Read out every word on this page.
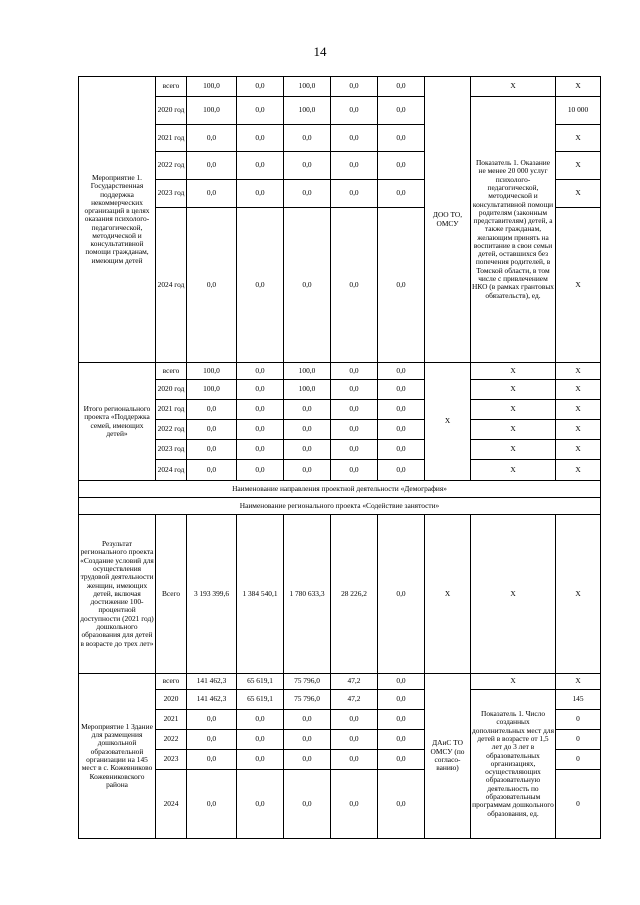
14
Мероприятие 1. Государственная поддержка некоммерческих организаций в целях оказания психолого-педагогической, методической и консультативной помощи гражданам, имеющим детей	всего	100,0	0,0	100,0	0,0	0,0	ДОО ТО, ОМСУ	X	X
	2020 год	100,0	0,0	100,0	0,0	0,0		Показатель 1. Оказание не менее 20 000 услуг психолого-педагогической, методической и консультативной помощи родителям (законным представителям) детей, а также гражданам, желающим принять на воспитание в свои семьи детей, оставшихся без попечения родителей, в Томской области, в том числе с привлечением НКО (в рамках грантовых обязательств), ед.	10 000
	2021 год	0,0	0,0	0,0	0,0	0,0			X
	2022 год	0,0	0,0	0,0	0,0	0,0			X
	2023 год	0,0	0,0	0,0	0,0	0,0			X
	2024 год	0,0	0,0	0,0	0,0	0,0			X
Итого регионального проекта «Поддержка семей, имеющих детей»	всего	100,0	0,0	100,0	0,0	0,0	X	X	X
	2020 год	100,0	0,0	100,0	0,0	0,0		X	X
	2021 год	0,0	0,0	0,0	0,0	0,0		X	X
	2022 год	0,0	0,0	0,0	0,0	0,0		X	X
	2023 год	0,0	0,0	0,0	0,0	0,0		X	X
	2024 год	0,0	0,0	0,0	0,0	0,0		X	X
Наименование направления проектной деятельности «Демография»									
Наименование регионального проекта «Содействие занятости»									
Результат регионального проекта «Создание условий для осуществления трудовой деятельности женщин, имеющих детей, включая достижение 100-процентной доступности (2021 год) дошкольного образования для детей в возрасте до трех лет»	Всего	3 193 399,6	1 384 540,1	1 780 633,3	28 226,2	0,0	X	X	X
Мероприятие 1 Здание для размещения дошкольной образовательной организации на 145 мест в с. Кожевниково Кожевниковского района	всего	141 462,3	65 619,1	75 796,0	47,2	0,0	ДАиС ТО ОМСУ (по согласо-ванию)	X	X
	2020	141 462,3	65 619,1	75 796,0	47,2	0,0		Показатель 1. Число созданных дополнительных мест для детей в возрасте от 1,5 лет до 3 лет в образовательных организациях, осуществляющих образовательную деятельность по образовательным программам дошкольного образования, ед.	145
	2021	0,0	0,0	0,0	0,0	0,0			0
	2022	0,0	0,0	0,0	0,0	0,0			0
	2023	0,0	0,0	0,0	0,0	0,0			0
	2024	0,0	0,0	0,0	0,0	0,0			0
